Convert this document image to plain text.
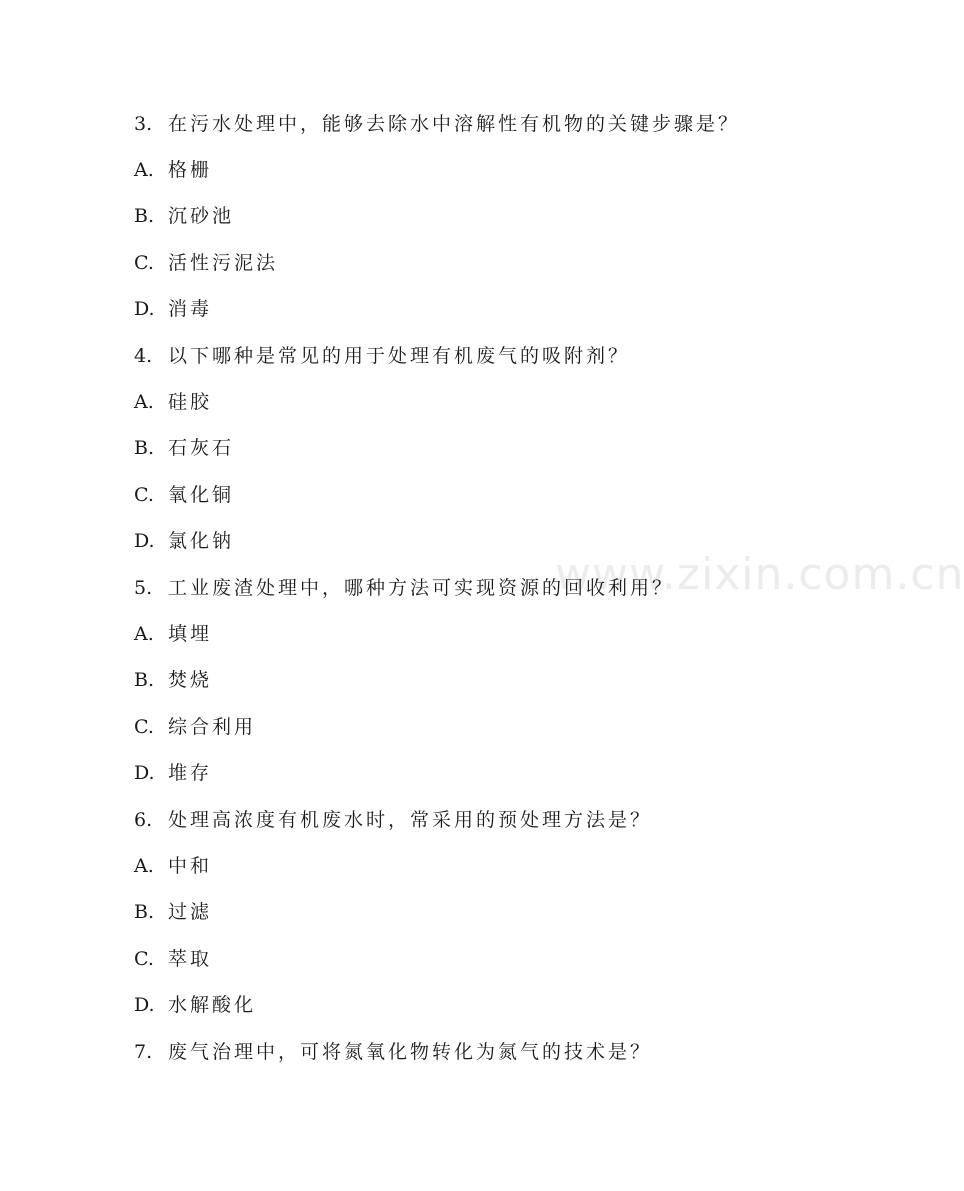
www.zixin.com.cn
3. 在污水处理中，能够去除水中溶解性有机物的关键步骤是？
A. 格栅
B. 沉砂池
C. 活性污泥法
D. 消毒
4. 以下哪种是常见的用于处理有机废气的吸附剂？
A. 硅胶
B. 石灰石
C. 氧化铜
D. 氯化钠
5. 工业废渣处理中，哪种方法可实现资源的回收利用？
A. 填埋
B. 焚烧
C. 综合利用
D. 堆存
6. 处理高浓度有机废水时，常采用的预处理方法是？
A. 中和
B. 过滤
C. 萃取
D. 水解酸化
7. 废气治理中，可将氮氧化物转化为氮气的技术是？
